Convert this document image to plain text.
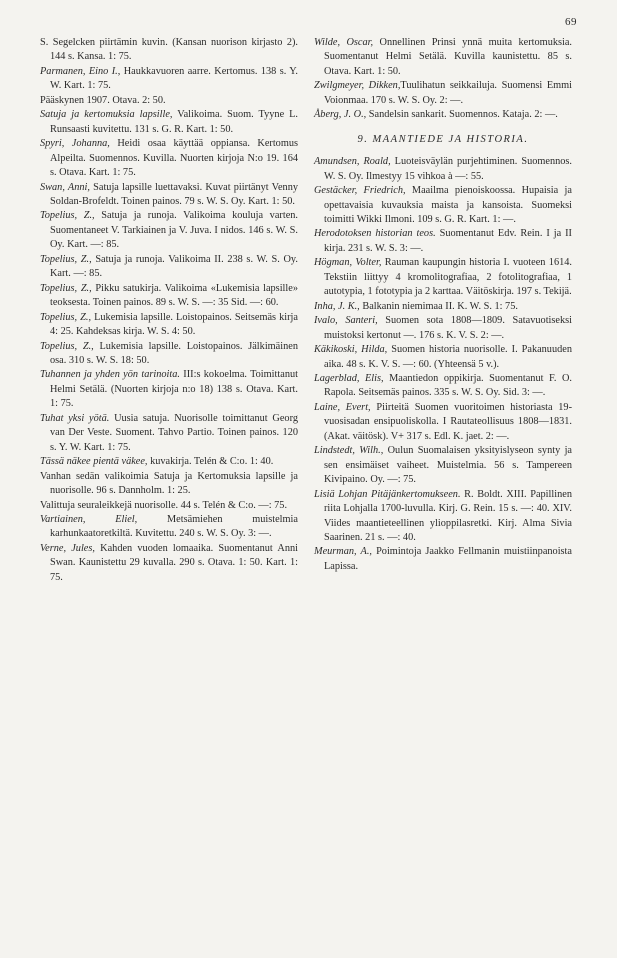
69

S. Segelcken piirtämin kuvin. (Kansan nuorison kirjasto 2). 144 s. Kansa. 1: 75.

Parmanen, Eino I., Haukkavuoren aarre. Kertomus. 138 s. Y. W. Kart. 1: 75.

Pääskynen 1907. Otava. 2: 50.

Satuja ja kertomuksia lapsille, Valikoima. Suom. Tyyne L. Runsaasti kuvitettu. 131 s. G. R. Kart. 1: 50.

Spyri, Johanna, Heidi osaa käyttää oppiansa. Kertomus Alpeilta. Suomennos. Kuvilla. Nuorten kirjoja N:o 19. 164 s. Otava. Kart. 1: 75.

Swan, Anni, Satuja lapsille luettavaksi. Kuvat piirtänyt Venny Soldan-Brofeldt. Toinen painos. 79 s. W. S. Oy. Kart. 1: 50.

Topelius, Z., Satuja ja runoja. Valikoima kouluja varten. Suomentaneet V. Tarkiainen ja V. Juva. I nidos. 146 s. W. S. Oy. Kart. —: 85.

Topelius, Z., Satuja ja runoja. Valikoima II. 238 s. W. S. Oy. Kart. —: 85.

Topelius, Z., Pikku satukirja. Valikoima «Lukemisia lapsille» teoksesta. Toinen painos. 89 s. W. S. —: 35 Sid. —: 60.

Topelius, Z., Lukemisia lapsille. Loistopainos. Seitsemäs kirja 4: 25. Kahdeksas kirja. W. S. 4: 50.

Topelius, Z., Lukemisia lapsille. Loistopainos. Jälkimäinen osa. 310 s. W. S. 18: 50.

Tuhannen ja yhden yön tarinoita. III:s kokoelma. Toimittanut Helmi Setälä. (Nuorten kirjoja n:o 18) 138 s. Otava. Kart. 1: 75.

Tuhat yksi yötä. Uusia satuja. Nuorisolle toimittanut Georg van Der Veste. Suoment. Tahvo Partio. Toinen painos. 120 s. Y. W. Kart. 1: 75.

Tässä näkee pientä väkee, kuvakirja. Telén & C:o. 1: 40.

Vanhan sedän valikoimia Satuja ja Kertomuksia lapsille ja nuorisolle. 96 s. Dannholm. 1: 25.

Valittuja seuraleikkejä nuorisolle. 44 s. Telén & C:o. —: 75.

Vartiainen, Eliel, Metsämiehen muistelmia karhunkaatoretkiltä. Kuvitettu. 240 s. W. S. Oy. 3: —.

Verne, Jules, Kahden vuoden lomaaika. Suomentanut Anni Swan. Kaunistettu 29 kuvalla. 290 s. Otava. 1: 50. Kart. 1: 75.

Wilde, Oscar, Onnellinen Prinsi ynnä muita kertomuksia. Suomentanut Helmi Setälä. Kuvilla kaunistettu. 85 s. Otava. Kart. 1: 50.

Zwilgmeyer, Dikken,Tuulihatun seikkailuja. Suomensi Emmi Voionmaa. 170 s. W. S. Oy. 2: —.

Åberg, J. O., Sandelsin sankarit. Suomennos. Kataja. 2: —.

9. MAANTIEDE JA HISTORIA.

Amundsen, Roald, Luoteisväylän purjehtiminen. Suomennos. W. S. Oy. Ilmestyy 15 vihkoa à —: 55.

Gestäcker, Friedrich, Maailma pienoiskoossa. Hupaisia ja opettavaisia kuvauksia maista ja kansoista. Suomeksi toimitti Wikki Ilmoni. 109 s. G. R. Kart. 1: —.

Herodotoksen historian teos. Suomentanut Edv. Rein. I ja II kirja. 231 s. W. S. 3: —.

Högman, Volter, Rauman kaupungin historia I. vuoteen 1614. Tekstiin liittyy 4 kromolitografiaa, 2 fotolitografiaa, 1 autotypia, 1 fototypia ja 2 karttaa. Väitöskirja. 197 s. Tekijä.

Inha, J. K., Balkanin niemimaa II. K. W. S. 1: 75.

Ivalo, Santeri, Suomen sota 1808—1809. Satavuotiseksi muistoksi kertonut —. 176 s. K. V. S. 2: —.

Käkikoski, Hilda, Suomen historia nuorisolle. I. Pakanuuden aika. 48 s. K. V. S. —: 60. (Yhteensä 5 v.).

Lagerblad, Elis, Maantiedon oppikirja. Suomentanut F. O. Rapola. Seitsemäs painos. 335 s. W. S. Oy. Sid. 3: —.

Laine, Evert, Piirteitä Suomen vuoritoimen historiasta 19-vuosisadan ensipuoliskolla. I Rautateollisuus 1808—1831. (Akat. väitösk). V+ 317 s. Edl. K. jaet. 2: —.

Lindstedt, Wilh., Oulun Suomalaisen yksityislyseon synty ja sen ensimäiset vaiheet. Muistelmia. 56 s. Tampereen Kivipaino. Oy. —: 75.

Lisiä Lohjan Pitäjänkertomukseen. R. Boldt. XIII. Papillinen riita Lohjalla 1700-luvulla. Kirj. G. Rein. 15 s. —: 40. XIV. Viides maantieteellinen ylioppilasretki. Kirj. Alma Sivia Saarinen. 21 s. —: 40.

Meurman, A., Poimintoja Jaakko Fellmanin muistiinpanoista Lapissa.
